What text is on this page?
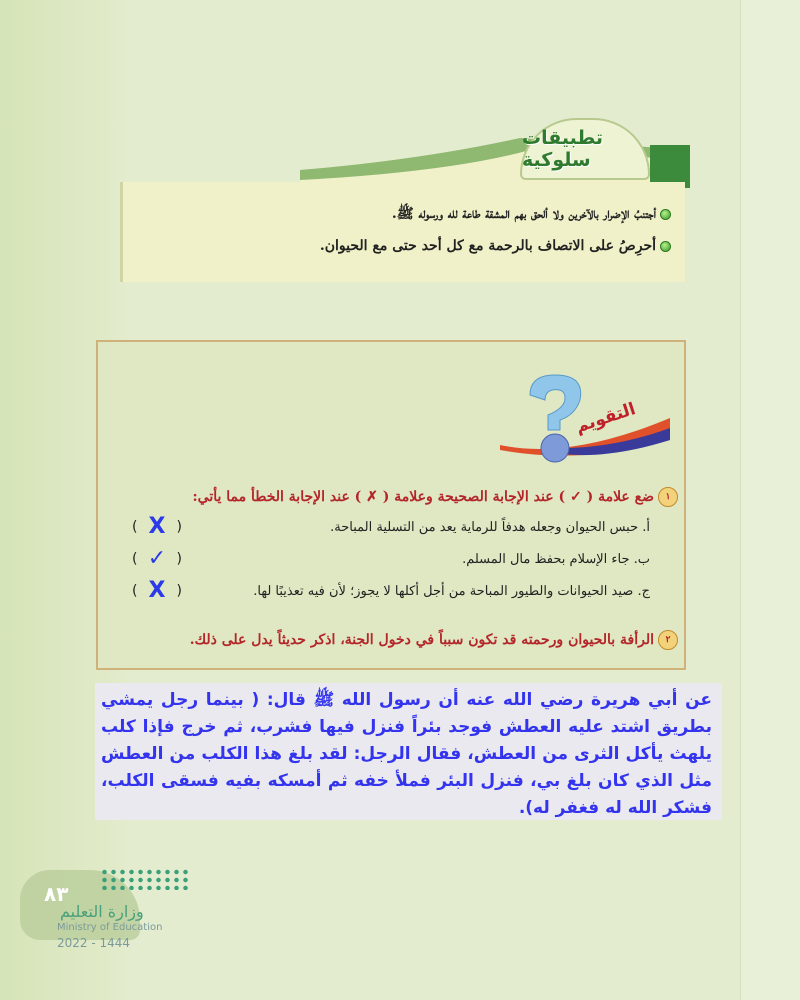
تطبيقات سلوكية
أجتنبُ الإضرار بالآخرين ولا ألحق بهم المشقة طاعة لله ورسوله ﷺ.
أحرِصُ على الاتصاف بالرحمة مع كل أحد حتى مع الحيوان.
التقويم
١ضع علامة ( ✓ ) عند الإجابة الصحيحة وعلامة ( ✗ ) عند الإجابة الخطأ مما يأتي:
أ. حبس الحيوان وجعله هدفاً للرماية يعد من التسلية المباحة.
( X )
ب. جاء الإسلام بحفظ مال المسلم.
( ✓ )
ج. صيد الحيوانات والطيور المباحة من أجل أكلها لا يجوز؛ لأن فيه تعذيبًا لها.
( X )
٢الرأفة بالحيوان ورحمته قد تكون سبباً في دخول الجنة، اذكر حديثاً يدل على ذلك.
عن أبي هريرة رضي الله عنه أن رسول الله ﷺ قال: ( بينما رجل يمشي بطريق اشتد عليه العطش فوجد بئراً فنزل فيها فشرب، ثم خرج فإذا كلب يلهث يأكل الثرى من العطش، فقال الرجل: لقد بلغ هذا الكلب من العطش مثل الذي كان بلغ بي، فنزل البئر فملأ خفه ثم أمسكه بفيه فسقى الكلب، فشكر الله له فغفر له).
٨٣
وزارة التعليم
Ministry of Education
2022 - 1444
